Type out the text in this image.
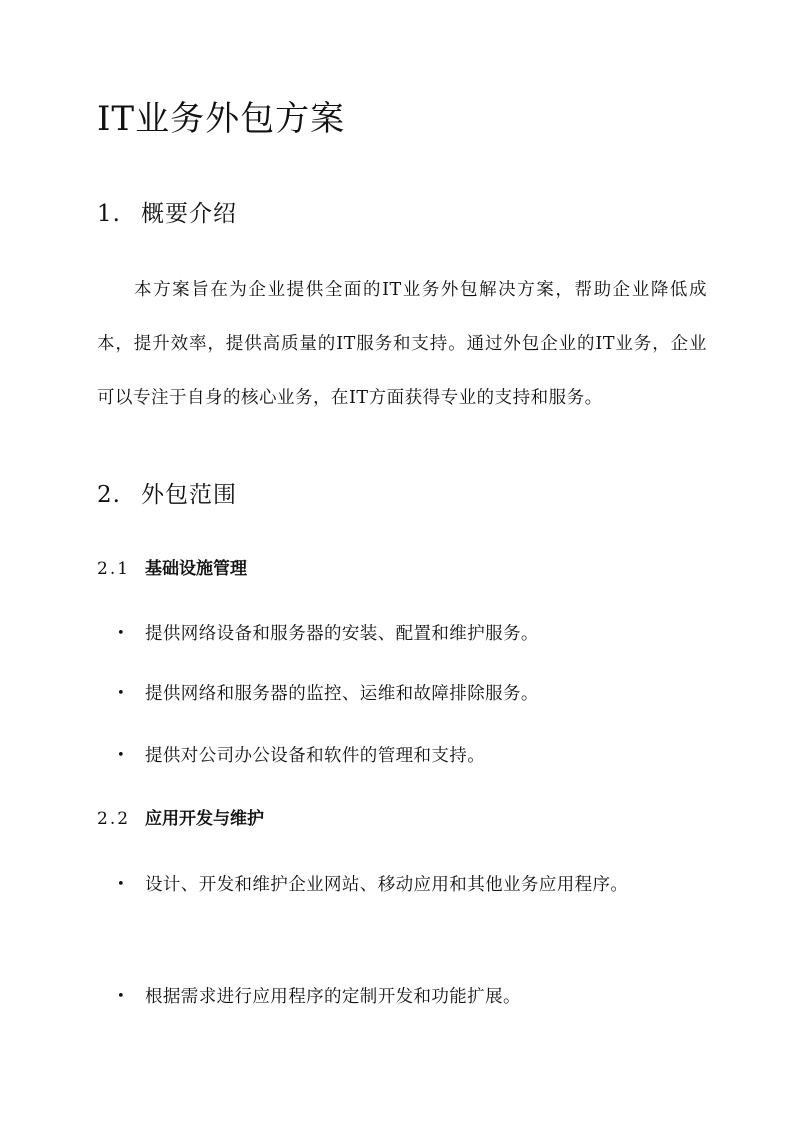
IT业务外包方案
1. 概要介绍

本方案旨在为企业提供全面的IT业务外包解决方案，帮助企业降低成本，提升效率，提供高质量的IT服务和支持。通过外包企业的IT业务，企业可以专注于自身的核心业务，在IT方面获得专业的支持和服务。

2. 外包范围
2.1 基础设施管理
•	提供网络设备和服务器的安装、配置和维护服务。
•	提供网络和服务器的监控、运维和故障排除服务。
•	提供对公司办公设备和软件的管理和支持。
2.2 应用开发与维护
•	设计、开发和维护企业网站、移动应用和其他业务应用程序。
•	根据需求进行应用程序的定制开发和功能扩展。
